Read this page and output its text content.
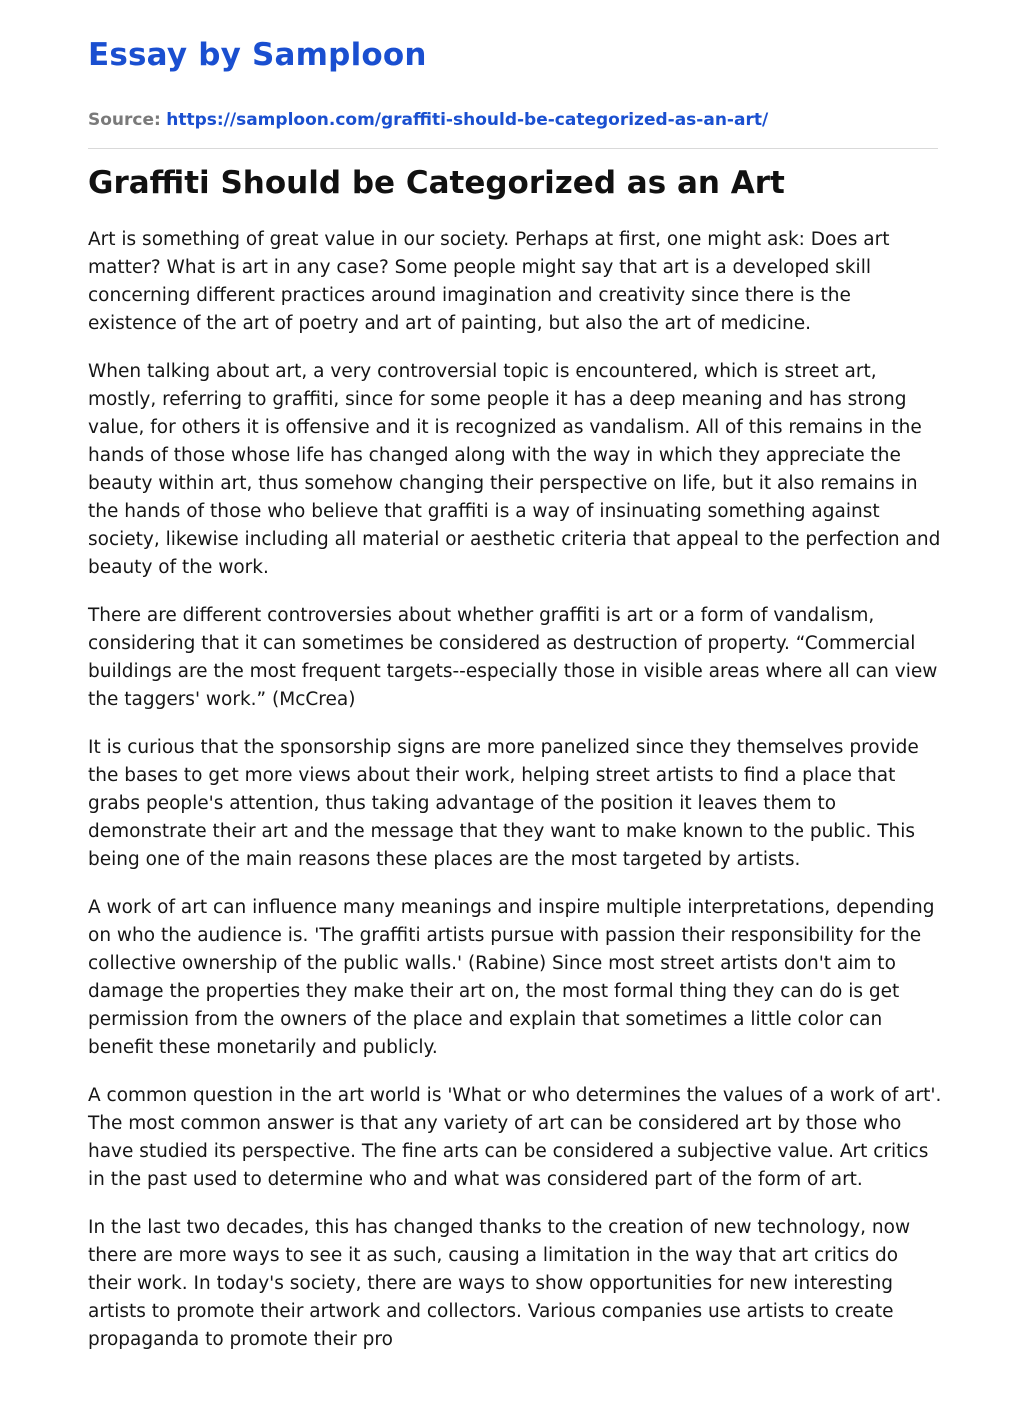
Essay by Samploon
Source: https://samploon.com/graffiti-should-be-categorized-as-an-art/
Graffiti Should be Categorized as an Art

Art is something of great value in our society. Perhaps at first, one might ask: Does art matter? What is art in any case? Some people might say that art is a developed skill concerning different practices around imagination and creativity since there is the existence of the art of poetry and art of painting, but also the art of medicine.

When talking about art, a very controversial topic is encountered, which is street art, mostly, referring to graffiti, since for some people it has a deep meaning and has strong value, for others it is offensive and it is recognized as vandalism. All of this remains in the hands of those whose life has changed along with the way in which they appreciate the beauty within art, thus somehow changing their perspective on life, but it also remains in the hands of those who believe that graffiti is a way of insinuating something against society, likewise including all material or aesthetic criteria that appeal to the perfection and beauty of the work.

There are different controversies about whether graffiti is art or a form of vandalism, considering that it can sometimes be considered as destruction of property. “Commercial buildings are the most frequent targets--especially those in visible areas where all can view the taggers' work.” (McCrea)

It is curious that the sponsorship signs are more panelized since they themselves provide the bases to get more views about their work, helping street artists to find a place that grabs people's attention, thus taking advantage of the position it leaves them to demonstrate their art and the message that they want to make known to the public. This being one of the main reasons these places are the most targeted by artists.

A work of art can influence many meanings and inspire multiple interpretations, depending on who the audience is. 'The graffiti artists pursue with passion their responsibility for the collective ownership of the public walls.' (Rabine) Since most street artists don't aim to damage the properties they make their art on, the most formal thing they can do is get permission from the owners of the place and explain that sometimes a little color can benefit these monetarily and publicly.

A common question in the art world is 'What or who determines the values of a work of art'. The most common answer is that any variety of art can be considered art by those who have studied its perspective. The fine arts can be considered a subjective value. Art critics in the past used to determine who and what was considered part of the form of art.

In the last two decades, this has changed thanks to the creation of new technology, now there are more ways to see it as such, causing a limitation in the way that art critics do their work. In today's society, there are ways to show opportunities for new interesting artists to promote their artwork and collectors. Various companies use artists to create propaganda to promote their pro
